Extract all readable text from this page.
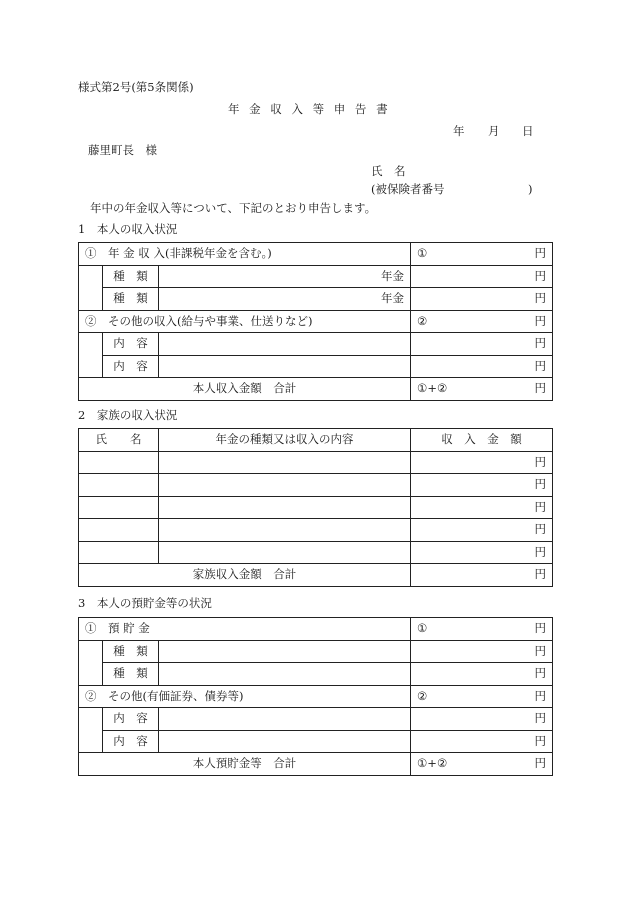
様式第2号(第5条関係)
年 金 収 入 等 申 告 書
年 月 日
藤里町長　様
氏　名
(被保険者番号	)
年中の年金収入等について、下記のとおり申告します。
1　本人の収入状況
①　年 金 収 入(非課税年金を含む。)			① 円

	種　類	年金	円
	種　類	年金	円
②　その他の収入(給与や事業、仕送りなど)			② 円

	内　容		円
	内　容		円
本人収入金額　合計			①+② 円
2　家族の収入状況
氏　　名	年金の種類又は収入の内容	収　入　金　額
		円
		円
		円
		円
		円
家族収入金額　合計		円
3　本人の預貯金等の状況
①　預 貯 金			① 円

	種　類		円
	種　類		円
②　その他(有価証券、債券等)			② 円

	内　容		円
	内　容		円
本人預貯金等　合計			①+② 円
